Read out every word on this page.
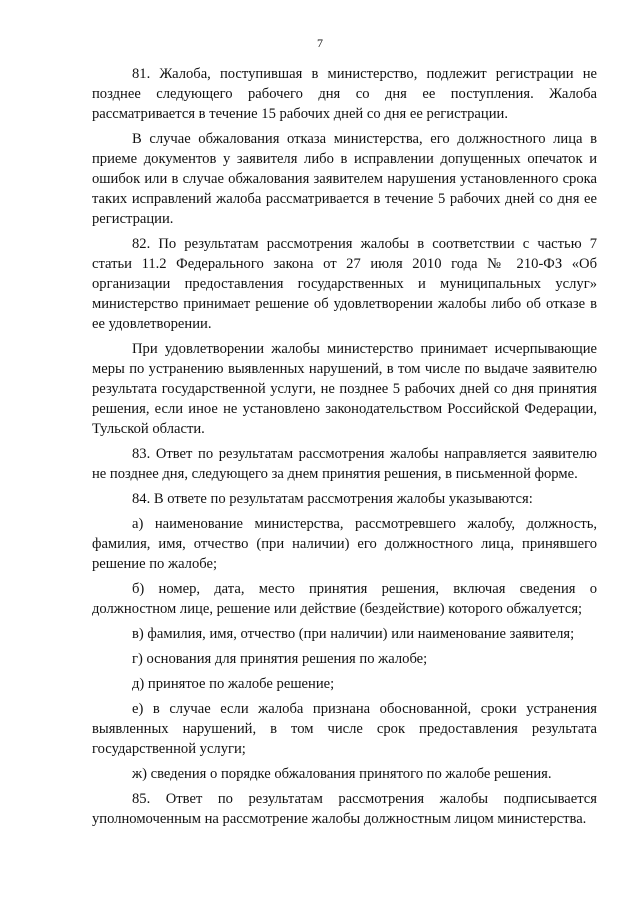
7

81. Жалоба, поступившая в министерство, подлежит регистрации не позднее следующего рабочего дня со дня ее поступления. Жалоба рассматривается в течение 15 рабочих дней со дня ее регистрации.

В случае обжалования отказа министерства, его должностного лица в приеме документов у заявителя либо в исправлении допущенных опечаток и ошибок или в случае обжалования заявителем нарушения установленного срока таких исправлений жалоба рассматривается в течение 5 рабочих дней со дня ее регистрации.

82. По результатам рассмотрения жалобы в соответствии с частью 7 статьи 11.2 Федерального закона от 27 июля 2010 года № 210-ФЗ «Об организации предоставления государственных и муниципальных услуг» министерство принимает решение об удовлетворении жалобы либо об отказе в ее удовлетворении.

При удовлетворении жалобы министерство принимает исчерпывающие меры по устранению выявленных нарушений, в том числе по выдаче заявителю результата государственной услуги, не позднее 5 рабочих дней со дня принятия решения, если иное не установлено законодательством Российской Федерации, Тульской области.

83. Ответ по результатам рассмотрения жалобы направляется заявителю не позднее дня, следующего за днем принятия решения, в письменной форме.

84. В ответе по результатам рассмотрения жалобы указываются:

а) наименование министерства, рассмотревшего жалобу, должность, фамилия, имя, отчество (при наличии) его должностного лица, принявшего решение по жалобе;

б) номер, дата, место принятия решения, включая сведения о должностном лице, решение или действие (бездействие) которого обжалуется;

в) фамилия, имя, отчество (при наличии) или наименование заявителя;

г) основания для принятия решения по жалобе;

д) принятое по жалобе решение;

е) в случае если жалоба признана обоснованной, сроки устранения выявленных нарушений, в том числе срок предоставления результата государственной услуги;

ж) сведения о порядке обжалования принятого по жалобе решения.

85. Ответ по результатам рассмотрения жалобы подписывается уполномоченным на рассмотрение жалобы должностным лицом министерства.
